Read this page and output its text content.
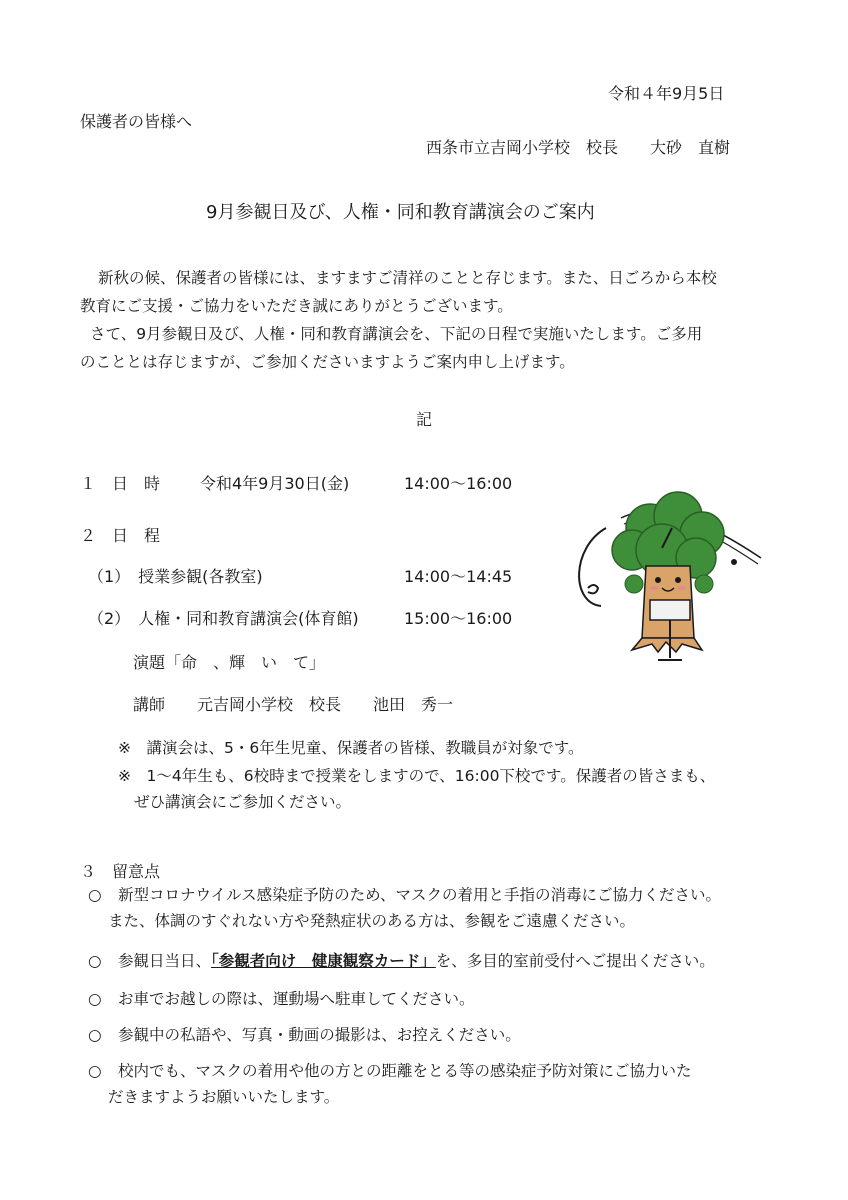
令和４年9月5日
保護者の皆様へ
西条市立吉岡小学校　校長　　大砂　直樹
9月参観日及び、人権・同和教育講演会のご案内

新秋の候、保護者の皆様には、ますますご清祥のことと存じます。また、日ごろから本校

教育にご支援・ご協力をいただき誠にありがとうございます。

さて、9月参観日及び、人権・同和教育講演会を、下記の日程で実施いたします。ご多用

のこととは存じますが、ご参加くださいますようご案内申し上げます。

記
１　日　時 令和4年9月30日(金)	14:00～16:00
２　日　程
（1）　授業参観(各教室)	14:00～14:45
（2）　人権・同和教育講演会(体育館)	15:00～16:00
演題「命　、輝　い　て」
講師　　元吉岡小学校　校長　　池田　秀一
※　講演会は、5・6年生児童、保護者の皆様、教職員が対象です。
※　1～4年生も、6校時まで授業をしますので、16:00下校です。保護者の皆さまも、
ぜひ講演会にご参加ください。
３　留意点
○ 新型コロナウイルス感染症予防のため、マスクの着用と手指の消毒にご協力ください。
また、体調のすぐれない方や発熱症状のある方は、参観をご遠慮ください。
○ 参観日当日、「参観者向け　健康観察カード」を、多目的室前受付へご提出ください。
○ お車でお越しの際は、運動場へ駐車してください。
○ 参観中の私語や、写真・動画の撮影は、お控えください。
○ 校内でも、マスクの着用や他の方との距離をとる等の感染症予防対策にご協力いた
だきますようお願いいたします。
